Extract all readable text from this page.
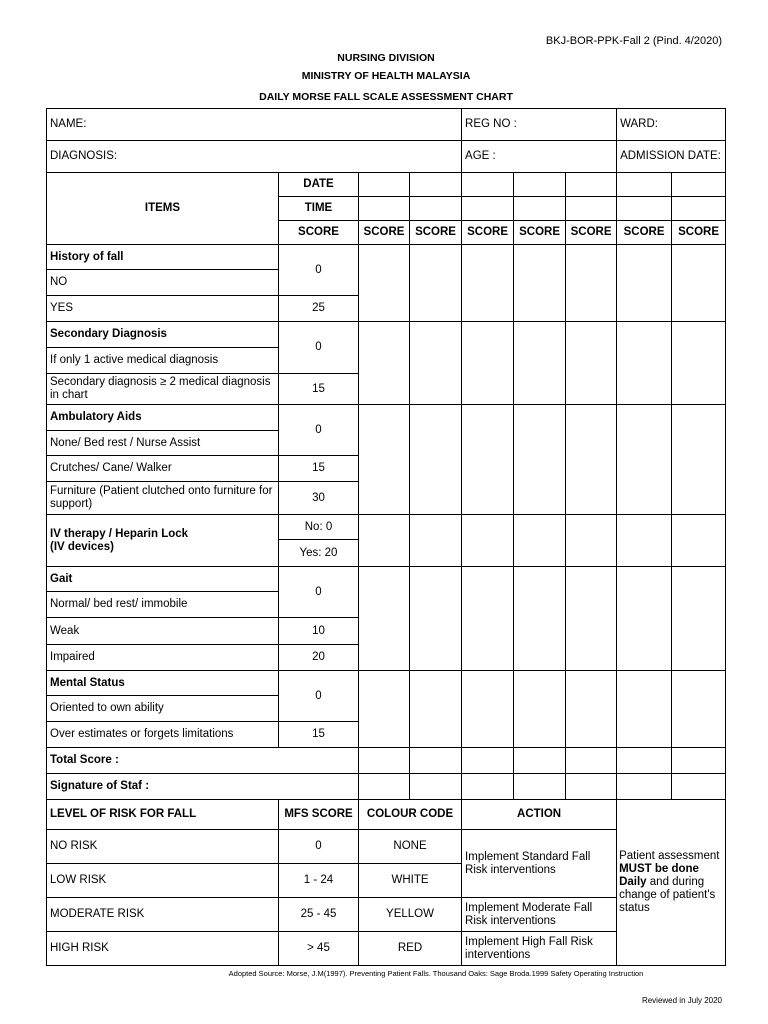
BKJ-BOR-PPK-Fall 2 (Pind. 4/2020)
NURSING DIVISION
MINISTRY OF HEALTH MALAYSIA
DAILY MORSE FALL SCALE ASSESSMENT CHART
NAME:				REG NO :			WARD:	
DIAGNOSIS:				AGE :			ADMISSION DATE:	
ITEMS	DATE							
	TIME							
	SCORE	SCORE	SCORE	SCORE	SCORE	SCORE	SCORE	SCORE
History of fall	0							
NO								
YES	25							
Secondary Diagnosis	0							
If only 1 active medical diagnosis								
Secondary diagnosis ≥ 2 medical diagnosis in chart	15							
Ambulatory Aids	0							
None/ Bed rest / Nurse Assist								
Crutches/ Cane/ Walker	15							
Furniture (Patient clutched onto furniture for support)	30							
IV therapy / Heparin Lock
(IV devices)	No: 0							
	Yes: 20							
Gait	0							
Normal/ bed rest/ immobile								
Weak	10							
Impaired	20							
Mental Status	0							
Oriented to own ability								
Over estimates or forgets limitations	15							
Total Score :								
Signature of Staf :								
LEVEL OF RISK FOR FALL	MFS SCORE	COLOUR CODE		ACTION			Patient assessment MUST be done Daily and during change of patient's status	
NO RISK	0	NONE		Implement Standard Fall Risk interventions				
LOW RISK	1 - 24	WHITE						
MODERATE RISK	25 - 45	YELLOW		Implement Moderate Fall Risk interventions				
HIGH RISK	> 45	RED		Implement High Fall Risk interventions				
Adopted Source: Morse, J.M(1997). Preventing Patient Falls. Thousand Oaks: Sage Broda.1999 Safety Operating Instruction
Reviewed in July 2020
